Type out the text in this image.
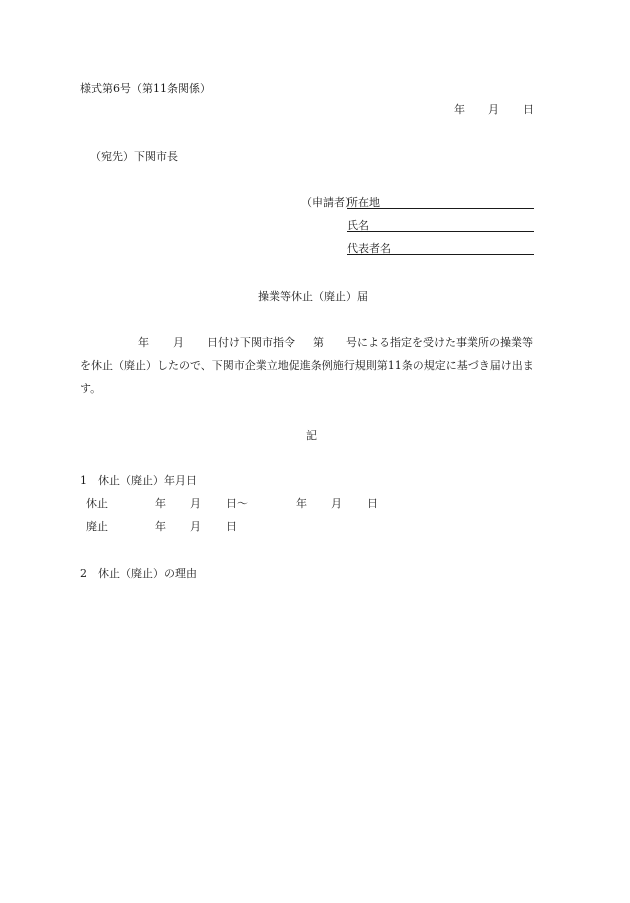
様式第6号（第11条関係）
年 月 日
（宛先）下関市長
（申請者）
所在地
氏名
代表者名
操業等休止（廃止）届
年 月 日付け下関市指令 第 号による指定を受けた事業所の操業等
を休止（廃止）したので、下関市企業立地促進条例施行規則第11条の規定に基づき届け出ま
す。
記
1　休止（廃止）年月日
休止	年 月 日〜	年 月 日
廃止	年 月 日
2　休止（廃止）の理由
